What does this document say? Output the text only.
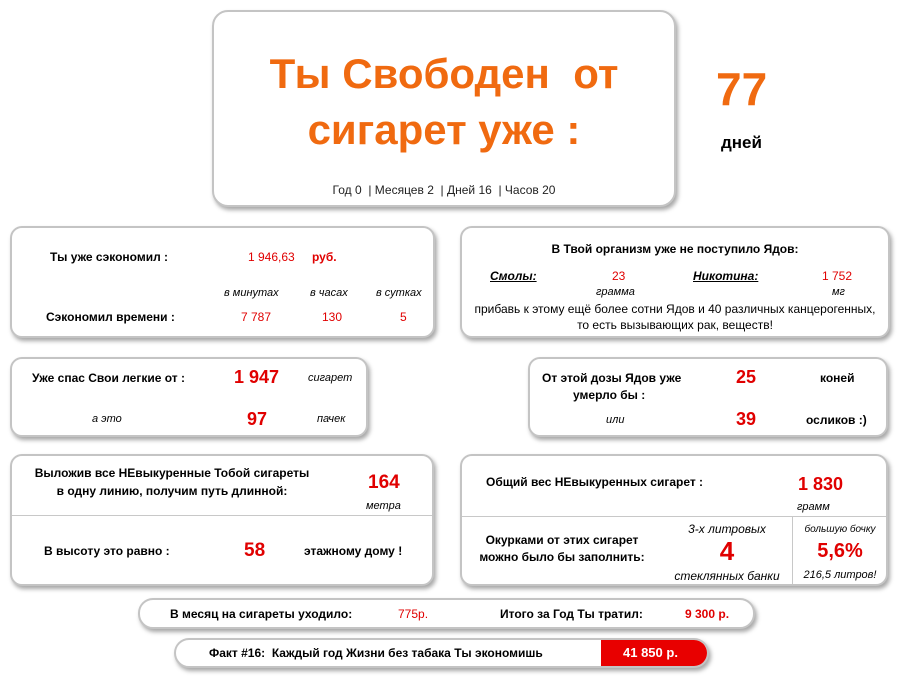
Ты Свободен  от
сигарет уже :
Год 0  | Месяцев 2  | Дней 16  | Часов 20
77
дней
Ты уже сэкономил :	1 946,63 руб.
в минутах	в часах	в сутках
Сэкономил времени :	7 787	130	5
В Твой организм уже не поступило Ядов:
Смолы:	23
грамма
Никотина:	1 752
мг
прибавь к этому ещё более сотни Ядов и 40 различных канцерогенных,
то есть вызывающих рак, веществ!
Уже спас Свои легкие от :	1 947	сигарет
а это	97	пачек
От этой дозы Ядов уже
умерло бы :
25	коней
или	39	осликов :)
Выложив все НЕвыкуренные Тобой сигареты
в одну линию, получим путь длинной:	164
метра
В высоту это равно :	58	этажному дому !
Общий вес НЕвыкуренных сигарет :	1 830
грамм
Окурками от этих сигарет
можно было бы заполнить:
3-х литровых
4
стеклянных банки
большую бочку
5,6%
216,5 литров!
В месяц на сигареты уходило:	775р.	Итого за Год Ты тратил:	9 300 р.
Факт #16:  Каждый год Жизни без табака Ты экономишь	41 850 р.
